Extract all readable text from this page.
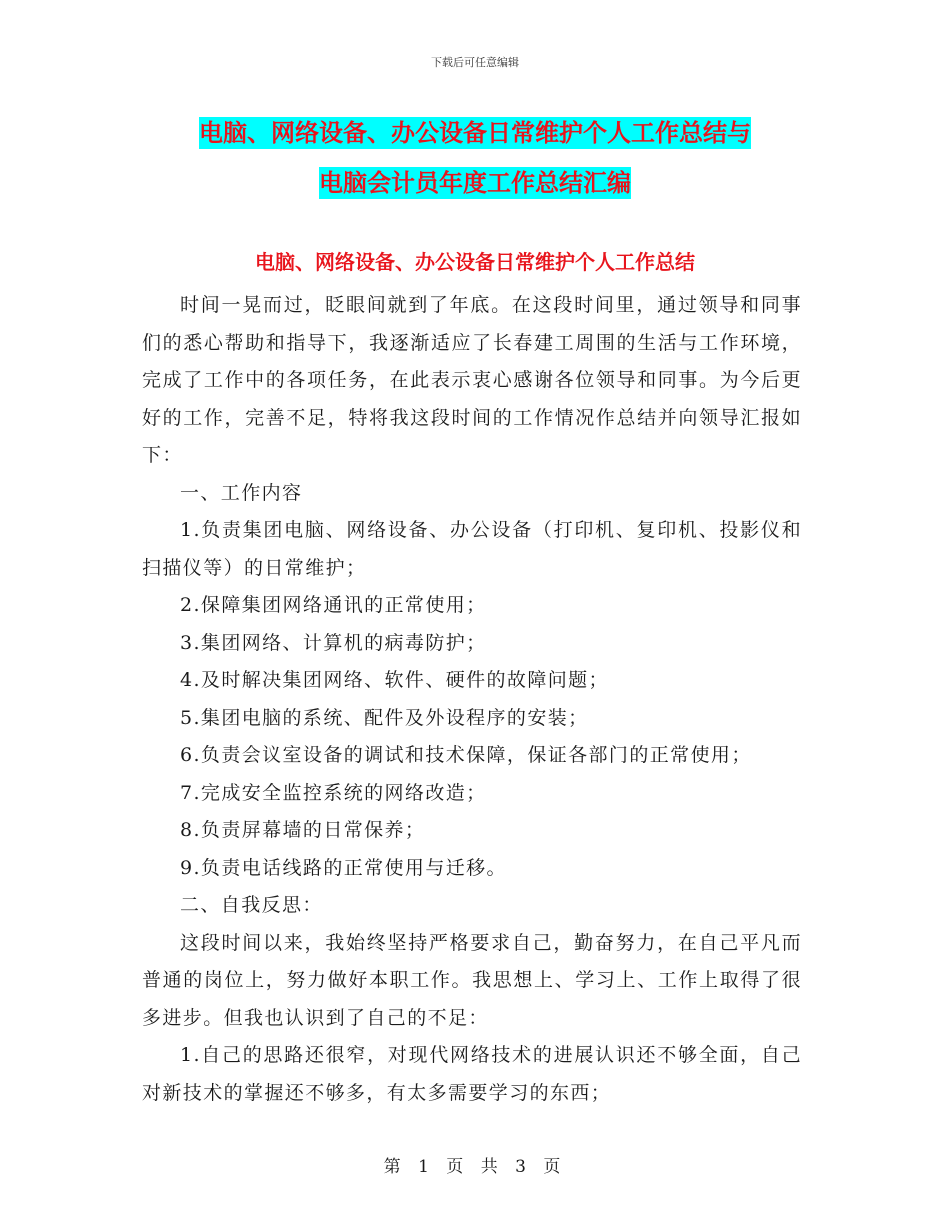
下载后可任意编辑
电脑、网络设备、办公设备日常维护个人工作总结与
电脑会计员年度工作总结汇编
电脑、网络设备、办公设备日常维护个人工作总结

时间一晃而过，眨眼间就到了年底。在这段时间里，通过领导和同事们的悉心帮助和指导下，我逐渐适应了长春建工周围的生活与工作环境，完成了工作中的各项任务，在此表示衷心感谢各位领导和同事。为今后更好的工作，完善不足，特将我这段时间的工作情况作总结并向领导汇报如下：

一、工作内容

1.负责集团电脑、网络设备、办公设备（打印机、复印机、投影仪和扫描仪等）的日常维护；

2.保障集团网络通讯的正常使用；

3.集团网络、计算机的病毒防护；

4.及时解决集团网络、软件、硬件的故障问题；

5.集团电脑的系统、配件及外设程序的安装；

6.负责会议室设备的调试和技术保障，保证各部门的正常使用；

7.完成安全监控系统的网络改造；

8.负责屏幕墙的日常保养；

9.负责电话线路的正常使用与迁移。

二、自我反思：

这段时间以来，我始终坚持严格要求自己，勤奋努力，在自己平凡而普通的岗位上，努力做好本职工作。我思想上、学习上、工作上取得了很多进步。但我也认识到了自己的不足：

1.自己的思路还很窄，对现代网络技术的进展认识还不够全面，自己对新技术的掌握还不够多，有太多需要学习的东西；

第 1 页 共 3 页
